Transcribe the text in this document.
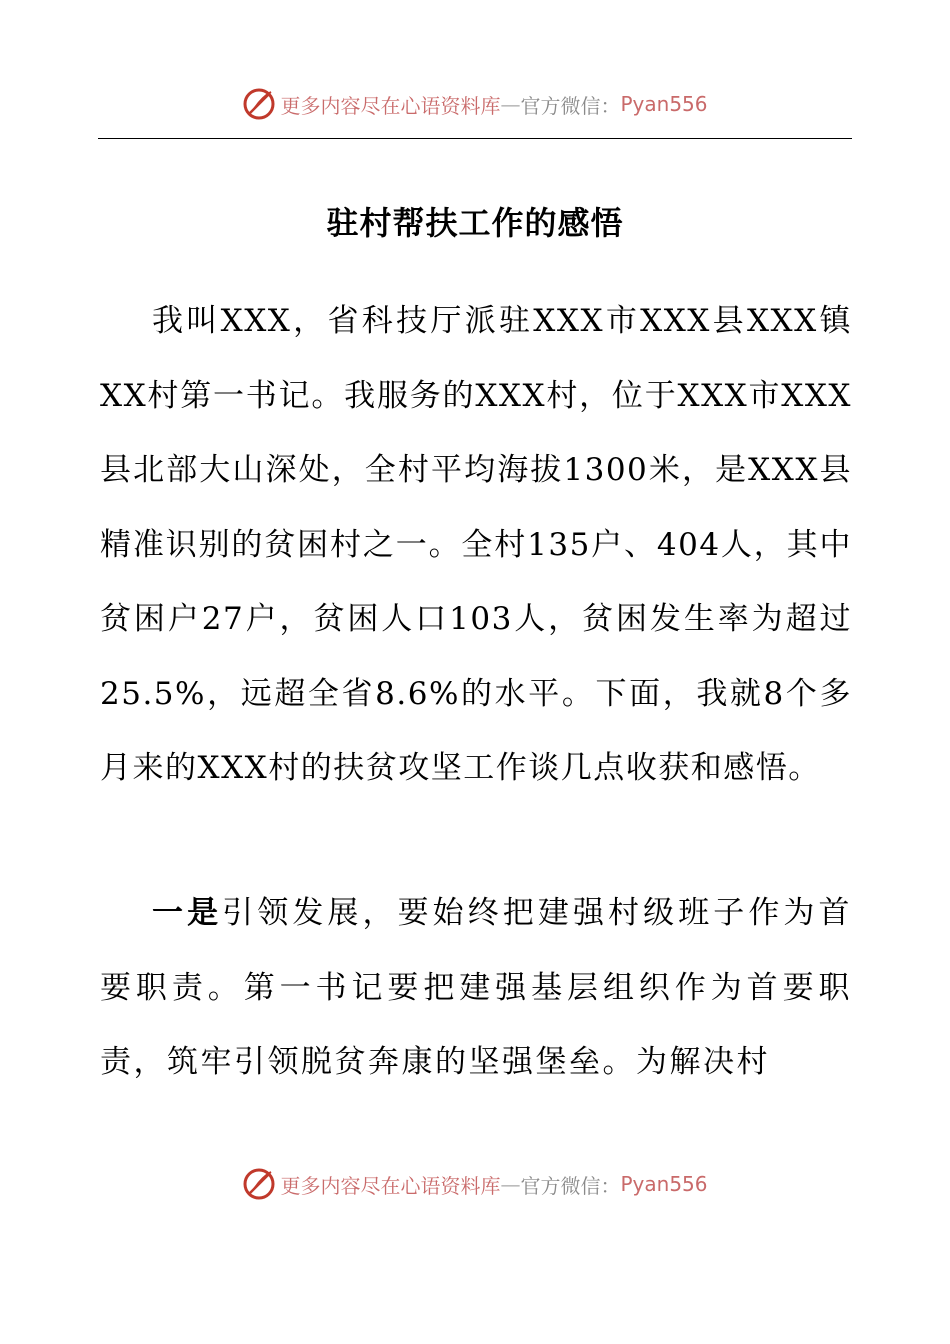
更多内容尽在心语资料库 — 官方微信： Pyan556
驻村帮扶工作的感悟

我叫XXX，省科技厅派驻XXX市XXX县XXX镇XX村第一书记。我服务的XXX村，位于XXX市XXX县北部大山深处，全村平均海拔1300米，是XXX县精准识别的贫困村之一。全村135户、404人，其中贫困户27户，贫困人口103人，贫困发生率为超过25.5%，远超全省8.6%的水平。下面，我就8个多月来的XXX村的扶贫攻坚工作谈几点收获和感悟。

一是引领发展，要始终把建强村级班子作为首要职责。第一书记要把建强基层组织作为首要职责，筑牢引领脱贫奔康的坚强堡垒。为解决村

更多内容尽在心语资料库 — 官方微信： Pyan556
